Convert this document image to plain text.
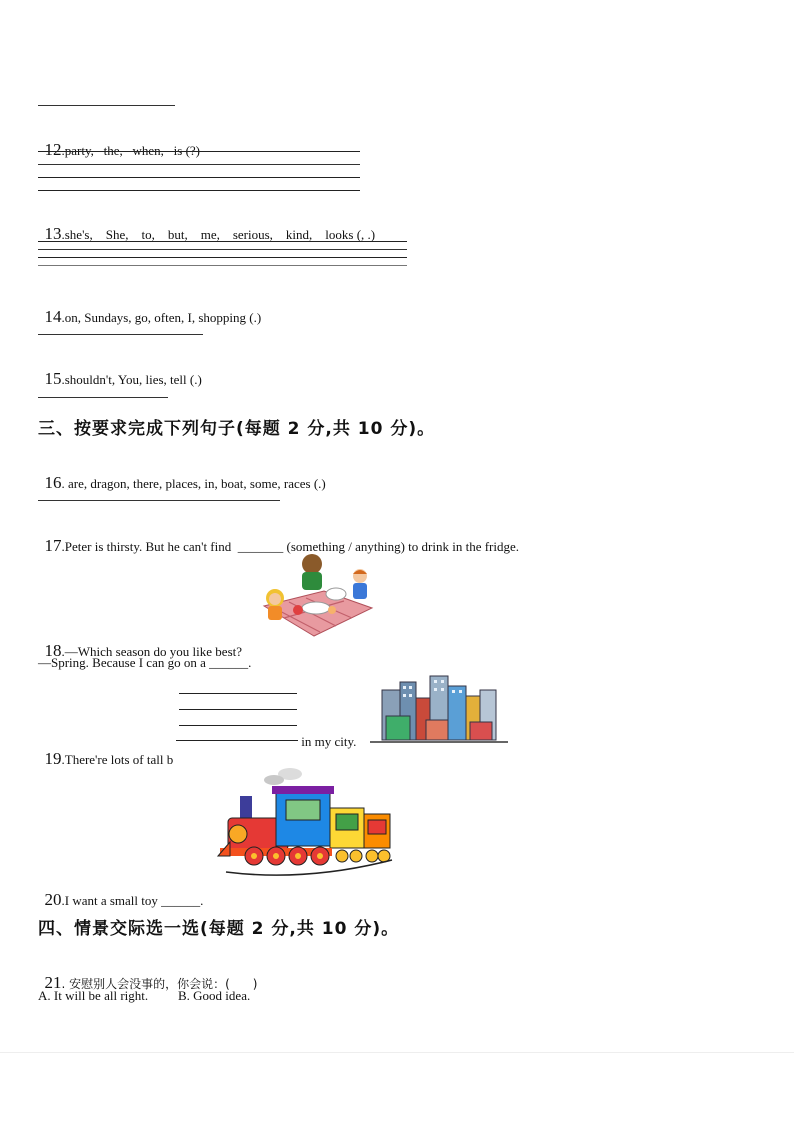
12.party,   the,   when,   is (?)

13.she's,    She,    to,    but,    me,    serious,    kind,    looks (, .)

14.on, Sundays, go, often, I, shopping (.)

15.shouldn't, You, lies, tell (.)

三、按要求完成下列句子(每题 2 分,共 10 分)。

16. are, dragon, there, places, in, boat, some, races (.)

17.Peter is thirsty. But he can't find  _______ (something / anything) to drink in the fridge.

18.—Which season do you like best?

—Spring. Because I can go on a ______.

19.There're lots of tall b

in my city.

20.I want a small toy ______.

四、情景交际选一选(每题 2 分,共 10 分)。

21. 安慰别人会没事的，你会说：(      )

A. It will be all right. B. Good idea.
